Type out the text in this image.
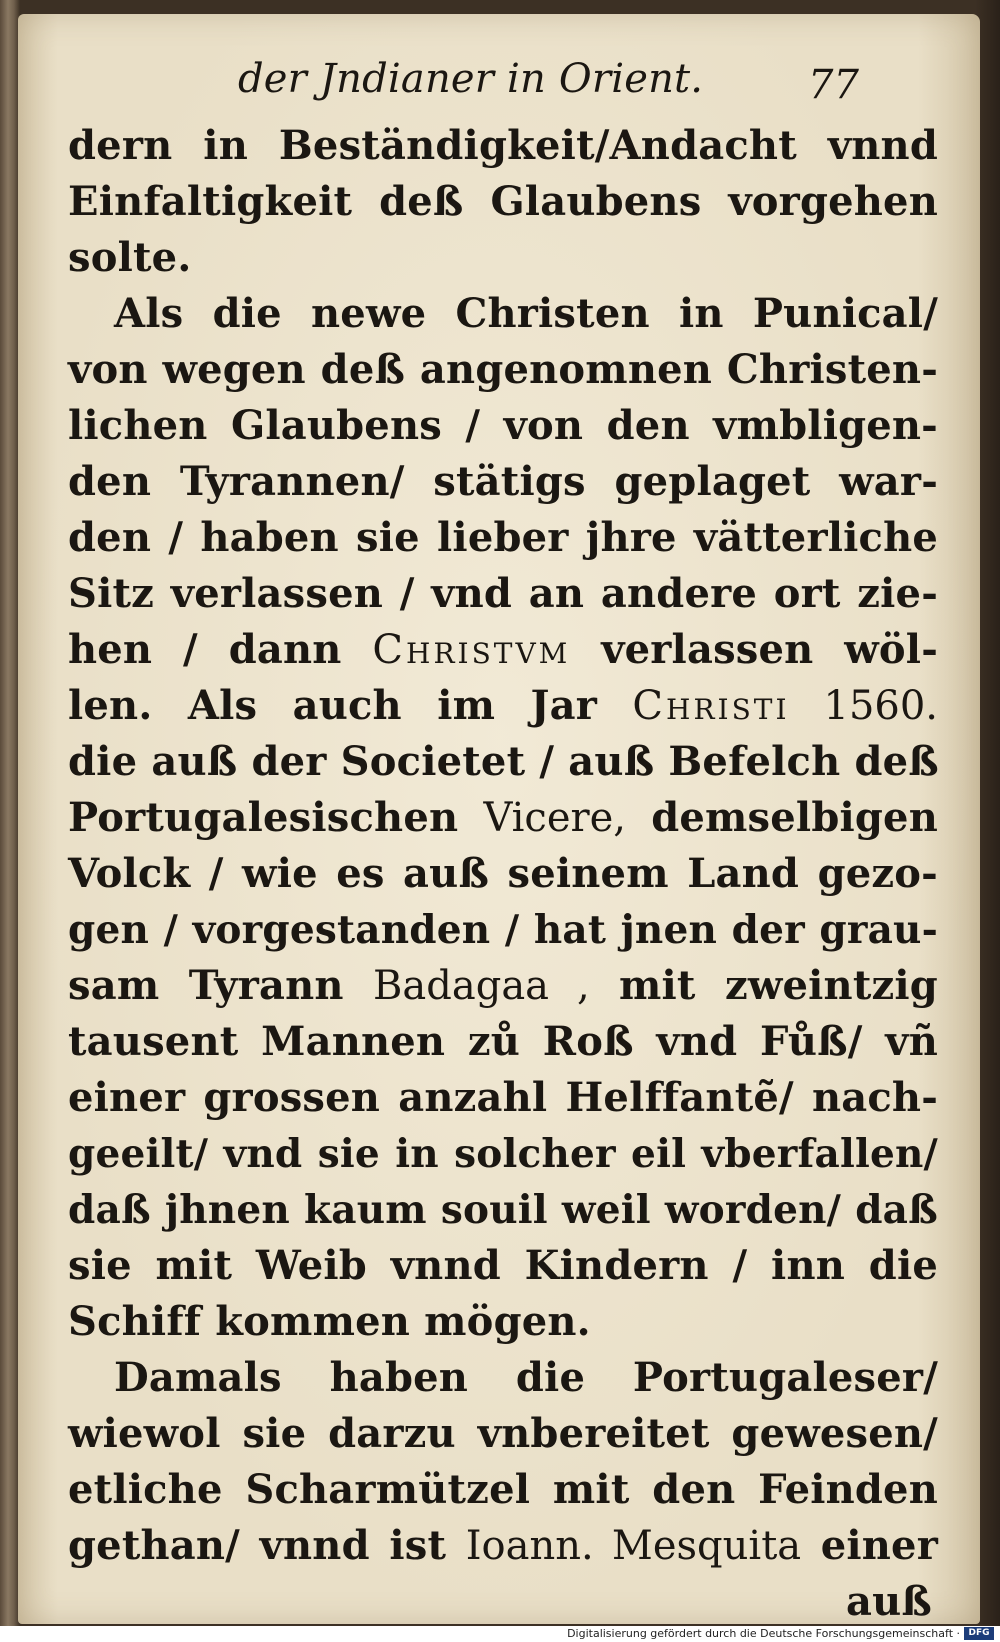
der Jndianer in Orient.	77
dern in Beständigkeit/Andacht vnnd
Einfaltigkeit deß Glaubens vorgehen
solte.
Als die newe Christen in Punical/
von wegen deß angenomnen Christen-
lichen Glaubens / von den vmbligen-
den Tyrannen/ stätigs geplaget war-
den / haben sie lieber jhre vätterliche
Sitz verlassen / vnd an andere ort zie-
hen / dann Christvm verlassen wöl-
len. Als auch im Jar Christi 1560.
die auß der Societet / auß Befelch deß
Portugalesischen Vicere, demselbigen
Volck / wie es auß seinem Land gezo-
gen / vorgestanden / hat jnen der grau-
sam Tyrann Badagaa , mit zweintzig
tausent Mannen zů Roß vnd Fůß/ vñ
einer grossen anzahl Helffantẽ/ nach-
geeilt/ vnd sie in solcher eil vberfallen/
daß jhnen kaum souil weil worden/ daß
sie mit Weib vnnd Kindern / inn die
Schiff kommen mögen.
Damals haben die Portugaleser/
wiewol sie darzu vnbereitet gewesen/
etliche Scharmützel mit den Feinden
gethan/ vnnd ist Ioann. Mesquita einer
auß
Digitalisierung gefördert durch die Deutsche Forschungsgemeinschaft · DFG
